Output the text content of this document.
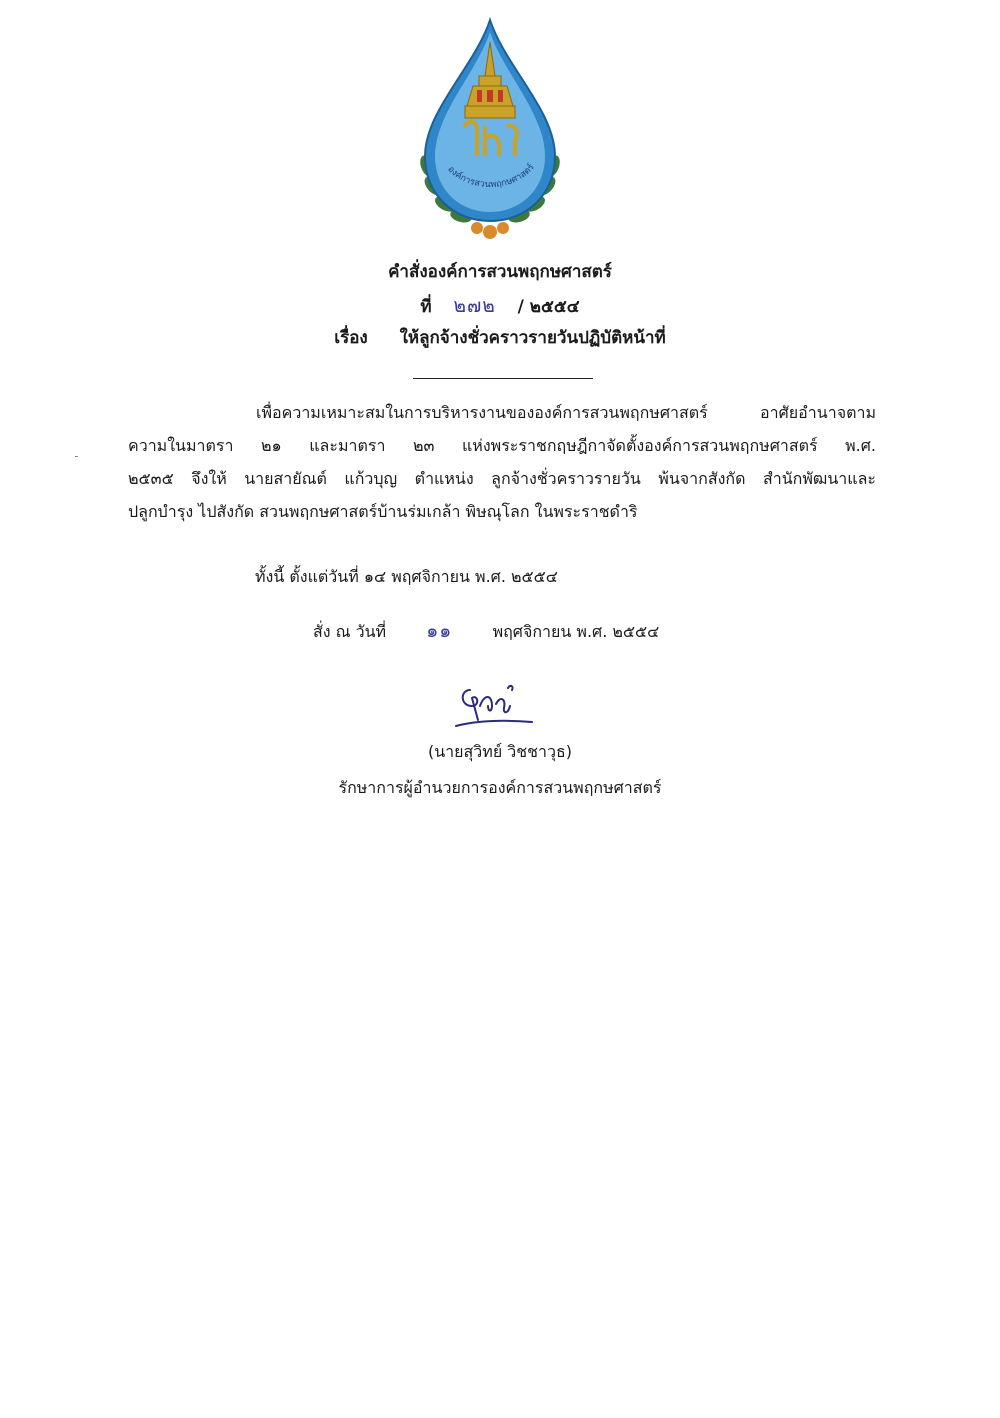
องค์การสวนพฤกษศาสตร์
คำสั่งองค์การสวนพฤกษศาสตร์
ที่ ๒๗๒ / ๒๕๕๔
เรื่อง ให้ลูกจ้างชั่วคราวรายวันปฏิบัติหน้าที่
เพื่อความเหมาะสมในการบริหารงานขององค์การสวนพฤกษศาสตร์ อาศัยอำนาจตาม
ความในมาตรา ๒๑ และมาตรา ๒๓ แห่งพระราชกฤษฎีกาจัดตั้งองค์การสวนพฤกษศาสตร์ พ.ศ.
๒๕๓๕ จึงให้ นายสายัณต์ แก้วบุญ ตำแหน่ง ลูกจ้างชั่วคราวรายวัน พ้นจากสังกัด สำนักพัฒนาและ
ปลูกบำรุง ไปสังกัด สวนพฤกษศาสตร์บ้านร่มเกล้า พิษณุโลก ในพระราชดำริ
ทั้งนี้ ตั้งแต่วันที่ ๑๔ พฤศจิกายน พ.ศ. ๒๕๕๔
สั่ง ณ วันที่ ๑๑	พฤศจิกายน พ.ศ. ๒๕๕๔
(นายสุวิทย์ วิชชาวุธ)
รักษาการผู้อำนวยการองค์การสวนพฤกษศาสตร์
